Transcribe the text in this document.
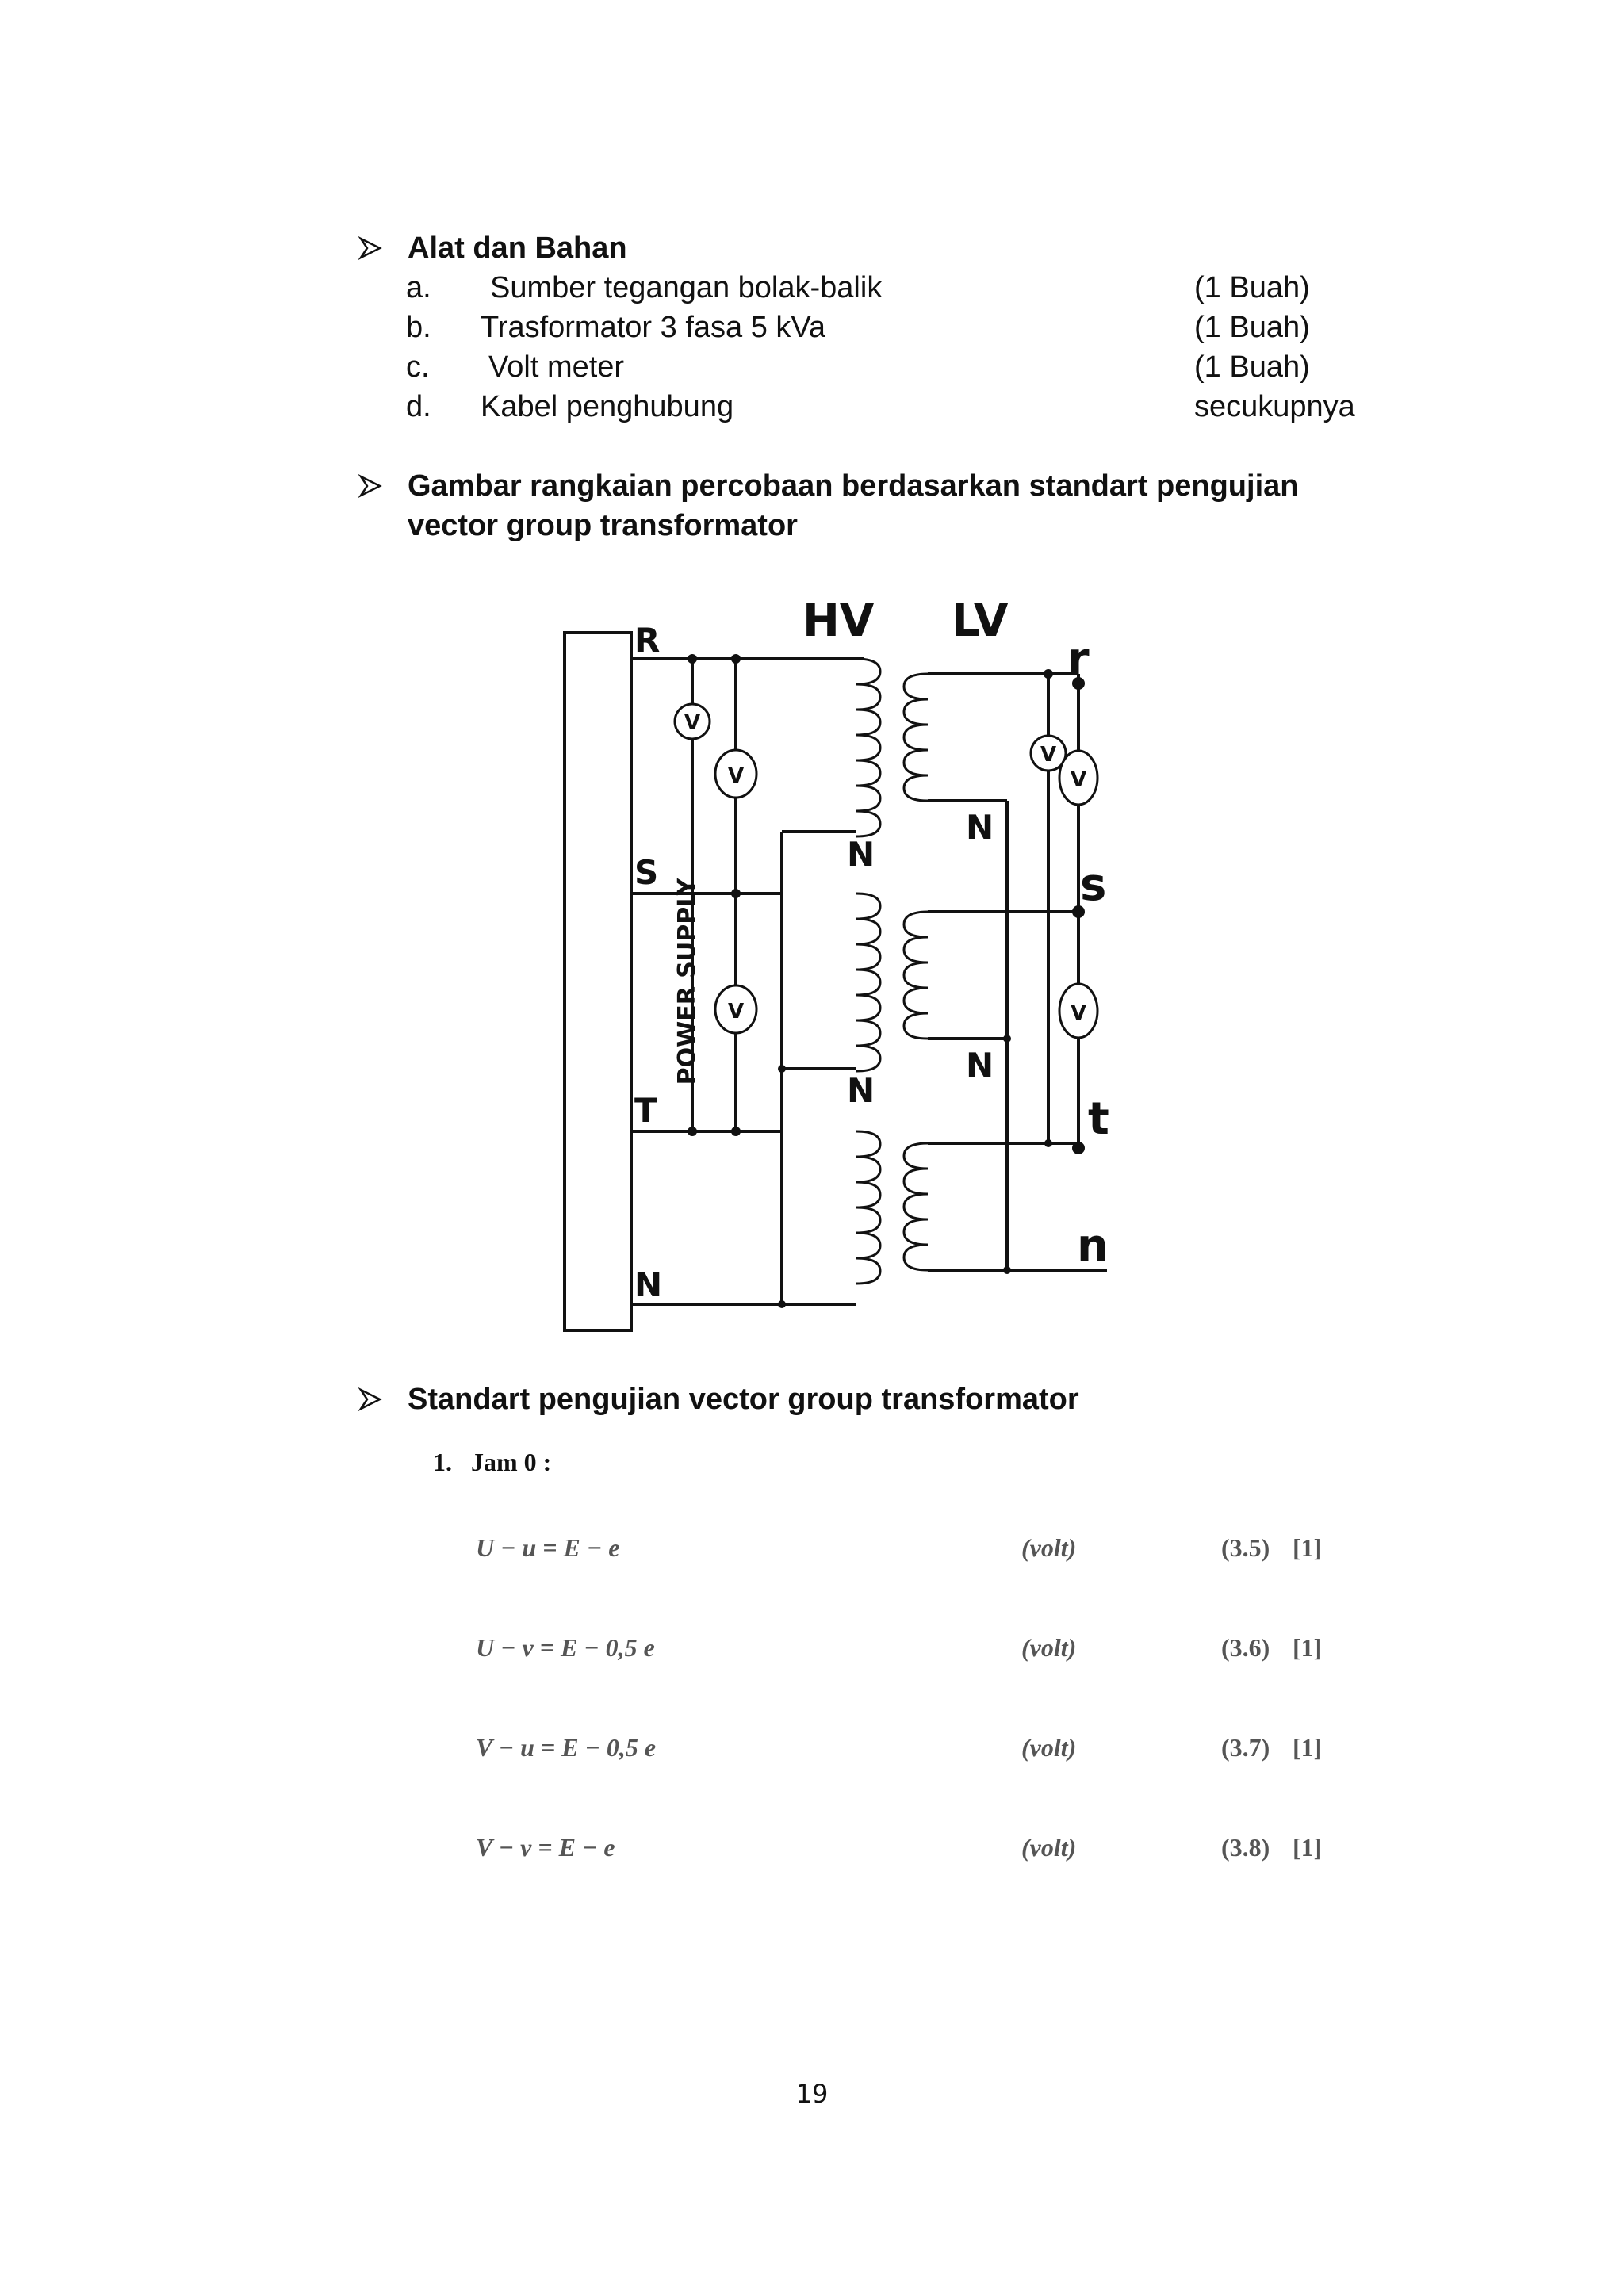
Alat dan Bahan
a. Sumber tegangan bolak-balik	(1 Buah)
b. Trasformator 3 fasa 5 kVa	(1 Buah)
c. Volt meter	(1 Buah)
d. Kabel penghubung	secukupnya
Gambar rangkaian percobaan berdasarkan standart pengujian
vector group transformator
V
V
V
V
V
V
POWER SUPPLY
R
S
T
N
N
N
N
N
HV LV
r
s
t
n
Standart pengujian vector group transformator
1.   Jam 0 :
U − u = E − e	(volt)	(3.5) [1]
U − v = E − 0,5 e	(volt)	(3.6) [1]
V − u = E − 0,5 e	(volt)	(3.7) [1]
V − v = E − e	(volt)	(3.8) [1]
19
